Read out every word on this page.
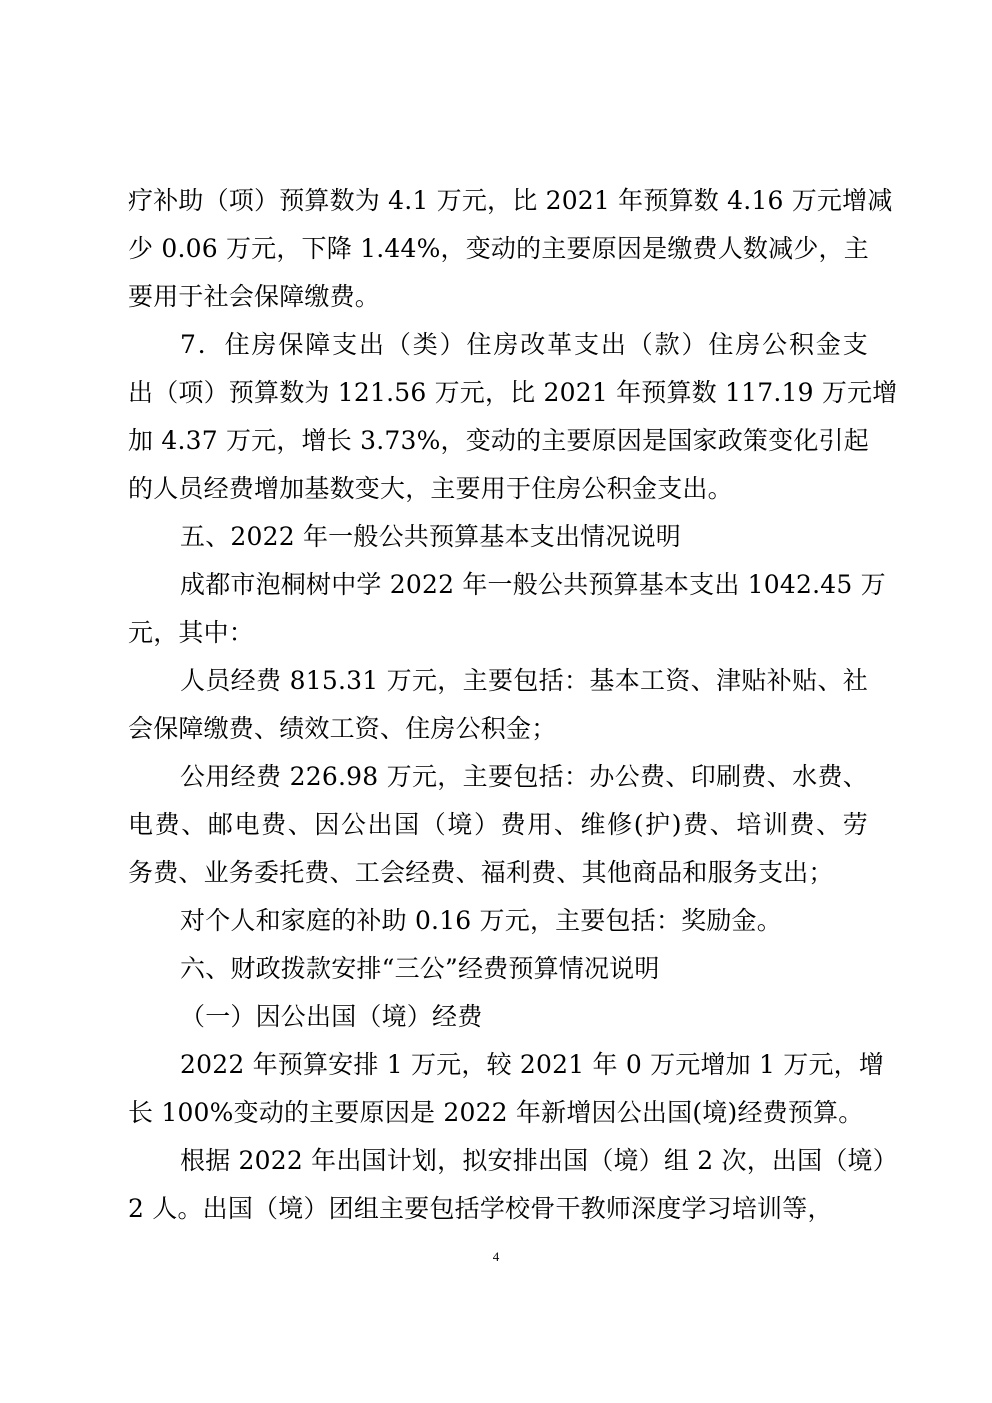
疗补助（项）预算数为 4.1 万元，比 2021 年预算数 4.16 万元增减
少 0.06 万元，下降 1.44%，变动的主要原因是缴费人数减少，主
要用于社会保障缴费。
7．住房保障支出（类）住房改革支出（款）住房公积金支
出（项）预算数为 121.56 万元，比 2021 年预算数 117.19 万元增
加 4.37 万元，增长 3.73%，变动的主要原因是国家政策变化引起
的人员经费增加基数变大，主要用于住房公积金支出。
五、2022 年一般公共预算基本支出情况说明
成都市泡桐树中学 2022 年一般公共预算基本支出 1042.45 万
元，其中：
人员经费 815.31 万元，主要包括：基本工资、津贴补贴、社
会保障缴费、绩效工资、住房公积金；
公用经费 226.98 万元，主要包括：办公费、印刷费、水费、
电费、邮电费、因公出国（境）费用、维修(护)费、培训费、劳
务费、业务委托费、工会经费、福利费、其他商品和服务支出；
对个人和家庭的补助 0.16 万元，主要包括：奖励金。
六、财政拨款安排“三公”经费预算情况说明
（一）因公出国（境）经费
2022 年预算安排 1 万元，较 2021 年 0 万元增加 1 万元，增
长 100%变动的主要原因是 2022 年新增因公出国(境)经费预算。
根据 2022 年出国计划，拟安排出国（境）组 2 次，出国（境）
2 人。出国（境）团组主要包括学校骨干教师深度学习培训等，
4
